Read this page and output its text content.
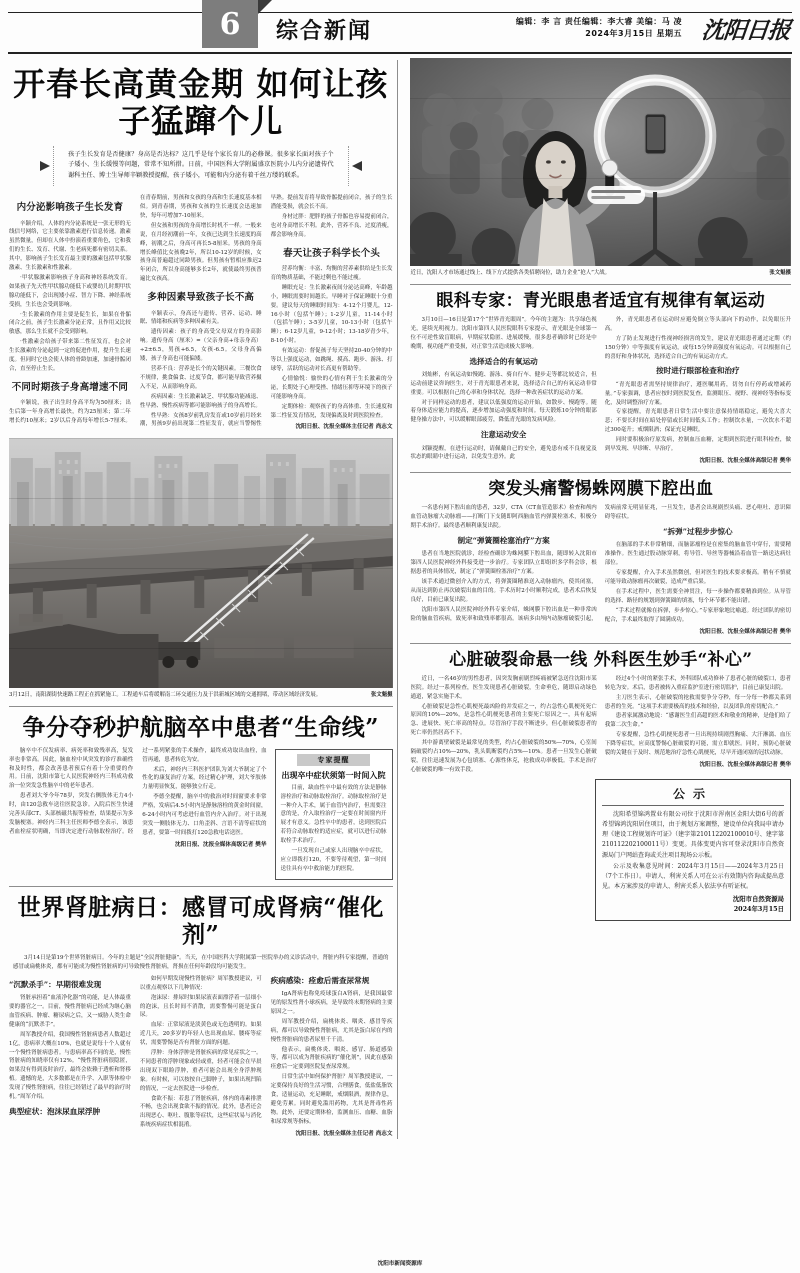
6	综合新闻	编辑：李 言 责任编辑：李大睿 美编：马 凌
2024年3月15日 星期五 沈阳日报
开春长高黄金期 如何让孩子猛蹿个儿
孩子生长发育是否健康？身高是否达标？这几乎是每个家长育儿的必修课。很多家长面对孩子个子矮小、生长缓慢等问题，常常不知所措。日前，中国医科大学附属盛京医院小儿内分泌遗传代谢科主任、博士生导师辛颖教授提醒，孩子矮小，可能和内分泌有着千丝万缕的联系。
内分泌影响孩子生长发育

辛颖介绍，人体的内分泌系统是一张无形的无线信号网络，它主要依靠激素进行信息传递。激素虽然微量，但却在人体中扮演着重要角色，它和我们的生长、发育、代谢、生老病死都有密切关系。其中，影响孩子生长发育最主要的激素包括甲状腺激素、生长激素和性激素。

·甲状腺激素影响孩子身高和神经系统发育。如果孩子先天性甲状腺功能低下或婴幼儿时期甲状腺功能低下，会出现矮小症、智力下降、神经系统受损，生长也会受到影响。

·生长激素的作用主要是促生长，如果在骨骺闭合之前，孩子生长激素分泌正常，且作用又比较敏感，那么生长就不会受到影响。

·性激素会给孩子带来第二性征发育，也会对生长激素的分泌起到一定的促进作用，提升生长速度。但同时它也会使人体的骨龄加速，加速骨骺闭合，直至停止生长。

不同时期孩子身高增速不同

辛颖说，孩子出生时身高平均为50厘米；出生后第一年身高增长最快，约为25厘米；第二年增长约10厘米；2岁以后身高每年增长5-7厘米。在青春期前，男孩和女孩的身高和生长速度基本相似。到青春期，男孩和女孩的生长速度会迅速加快，每年可增加7-10厘米。

但女孩和男孩的身高增长时机不一样。一般来说，在月经初潮前一年，女孩已达到生长速度的高峰，初潮之后，身高可再长5-8厘米。男孩的身高增长峰值比女孩晚2年，所以10-12岁的时候，女孩身高普遍超过同龄男孩。但男孩有暂相应推迟2年闭合，所以身高能够多长2年，就使最终男孩普遍比女孩高。

多种因素导致孩子长不高

辛颖表示，身高还与遗传、营养、运动、睡眠、情绪和疾病等多种因素有关。

遗传因素：孩子的身高受父母双方的身高影响。遗传身高（厘米）=（父亲身高+母亲身高）÷2±6.5，男孩+6.5，女孩-6.5。父母身高偏矮，孩子身高也可能偏矮。

营养不良：营养是长个的关键因素。三餐饮食不规律，挑食偏食、过度节食，都可能导致营养摄入不足，从而影响身高。

疾病因素：生长激素缺乏、甲状腺功能减退、性早熟、慢性疾病等都可能影响孩子的身高增长。

性早熟：女孩8岁前乳房发育或10岁前月经来潮，男孩9岁前出现第二性征发育，就应当警惕性早熟。提前发育将导致骨骺提前闭合，孩子的生长潜能受损，就会长不高。

身材过胖：肥胖的孩子骨骺也容易提前闭合，也对身高增长不利。此外，营养不良、过度消瘦，都会影响身高。

春天让孩子科学长个头

营养均衡：丰富、均衡的营养素供给是生长发育的物质基础，不能过剩也不能过瘦。

睡眠充足：生长激素夜间分泌达高峰，年龄越小，睡眠需要时间越长。早睡对于保证睡眠十分重要。建议每天的睡眠时间为：4-12个月婴儿，12-16小时（包括午睡）；1-2岁儿童，11-14小时（包括午睡）；3-5岁儿童，10-13小时（包括午睡）；6-12岁儿童，9-12小时；13-18岁青少年，8-10小时。

有效运动：督促孩子每天坚持20-40分钟的中等以上强度运动，如跳绳、摸高、跑步、游泳、打球等，活跃的运动对长高更有帮助等。

心情愉悦：愉快的心情有利于生长激素的分泌，长期处于心理受挫、情绪压抑等环境下的孩子可能影响身高。

定期体检：观察孩子的身高体重、生长速度和第二性征发育情况，发现偏离及时到医院检查。

沈阳日报、沈报全媒体主任记者 尚志文
张文魁摄
3月12日，南阳湖街快速路工程正在抓紧施工。工程通车后将缓解南二环交通压力及于洪新城区域的交通拥堵，带动区域经济发展。
争分夺秒护航脑卒中患者“生命线”

脑卒中不仅发病率、病死率和致残率高，复发率也非常高。因此，脑血栓中风突发的诊疗准确性和及时性，都会改善患者预后有着十分重要的作用。日前，沈阳市第七人民医院神经内三科成功救治一位突发急性脑卒中的老年患者。

患者刘大爷今年78岁，突发右侧肢体无力4小时，由120急救车送往医院急诊。入院后医生快速完善头部CT、头部核磁共振等检查，结果提示为多发脑梗塞。神经内三科主任医师李德全表示，该患者血栓症状明确，当即决定进行动脉取栓治疗。经过一系列紧张的手术操作，最终成功取出血栓，血管再通，患者转危为安。

术后，神经内三科医护团队为刘大爷制定了个性化的康复治疗方案，经过精心护理，刘大爷肢体力量明显恢复，能够独立行走。

李德全提醒，脑卒中的救治对时间窗要求非常严格，发病后4.5小时内是静脉溶栓的黄金时间窗，6-24小时内可考虑进行血管内介入治疗。对于出现突发一侧肢体无力、口角歪斜、言语不清等症状的患者，要第一时间拨打120急救电话送医。

沈阳日报、沈报全媒体高级记者 樊华
专家提醒
出现卒中症状须第一时间入院

目前，缺血性卒中最有效的方法是静脉溶栓治疗和动脉取栓治疗。动脉取栓治疗是一种介入手术，属于血管内治疗，但需要注意的是，介入取栓治疗一定要在时间窗内开展才有意义。急性卒中的患者，送到医院后若符合动脉取栓的适应症，就可以进行动脉取栓手术治疗。

一旦发现自己或家人出现脑卒中症状，应立即拨打120，不要等待观望，第一时间送往具有卒中救治能力的医院。

世界肾脏病日：感冒可成肾病“催化剂”

3月14日是第19个世界肾脏病日。今年的主题是“全民肾脏健康”。当天，在中国医科大学附属第一医院举办的义诊活动中，肾脏内科专家提醒，普通的感冒或扁桃体炎，都有可能成为慢性肾脏病的可导致慢性肾脏病，肾损在任何年龄段均可能发生。

“沉默杀手”：早期很难发现

肾脏承担着“血液净化器”的功能，是人体最重要的器官之一。目前，慢性肾脏病已经成为继心脑血管疾病、肿瘤、糖尿病之后，又一威胁人类生命健康的“沉默杀手”。

周军教授介绍，我国慢性肾脏病患者人数超过1亿，患病率大概在10%，也就是说每十个人就有一个慢性肾脏病患者。与患病率高不同的是，慢性肾脏病的知晓率仅有12%。“慢性肾脏病很隐匿，如果没有得到及时治疗，最终会依赖于透析和肾移植。遗憾的是，大多数都是在升学、入职等体检中发现了慢性肾脏病，往往已经错过了最早的治疗时机。”周军介绍。

典型症状：泡沫尿血尿浮肿

如何早期发现慢性肾脏病？周军教授建议，可以重点观察以下几种情况：

泡沫尿：排尿时如果尿液表面漂浮着一层细小的泡沫，且长时间不消散，需要警惕可能是蛋白尿。

血尿：正常尿液是淡黄色或无色透明的。如果近几天，20多岁的年轻人也出现血尿、腰疼等症状，需要警惕是否有肾脏方面的问题。

浮肿：身体浮肿是肾脏疾病的常见症状之一。不同患者的浮肿现象或轻或重，轻者可能会在早晨出现双下眼睑浮肿，重者可能会出现全身浮肿现象。有时候，可以按按自己脚肿子，如果出现凹陷的情况，一定去医院进一步检查。

食欲不振：若患了肾脏疾病，体内的毒素排泄不畅，也会出现食欲不振的情况。此外，患者还会出现恶心、呕吐、腹胀等症状，这些症状易与消化系统疾病症状相混淆。

疾病感染：痊愈后需查尿常规

IgA肾病也称免疫球蛋白A肾病，是我国最常见的原发性肾小球疾病，是导致终末期肾病的主要原因之一。

周军教授介绍，扁桃体炎、咽炎、感冒等疾病，都可以导致慢性肾脏病，尤其是蛋白尿在内的慢性肾脏病的患者尿里千千清。

他表示，扁桃体炎、咽炎、感冒、肠道感染等，都可以成为肾脏疾病的“催化剂”，因此在感染痊愈后一定要到医院复查尿常规。

日常生活中如何保护肾脏？周军教授建议，一定要保持良好的生活习惯，合理膳食，低盐低脂饮食，适量运动，充足睡眠，戒烟限酒，规律作息，避免劳累。同时避免滥用药物，尤其是肾毒性药物。此外，还要定期体检，监测血压、血糖、血脂和尿常规等指标。

沈阳日报、沈报全媒体主任记者 尚志文
张文魁摄
近日，沈阳人才市场通过线上、线下方式提供各类招聘岗位，助力企业“抢人”大战。
眼科专家：青光眼患者适宜有规律有氧运动

3月10日—16日是第17个“世界青光眼周”。今年的主题为：共享绿色视光，延续光明视力。沈阳市第四人民医院眼科专家提示，青光眼是全球第一位不可逆性致盲眼病，早期症状隐匿、进展缓慢，很多患者确诊时已经是中晚期，视功能严重受损，对正常生活造成极大影响。

选择适合的有氧运动

刘灿彬，有氧运动如慢跑、游泳、骑自行车、健步走等都比较适合，但运动前建议咨询医生，对于青光眼患者来说，选择适合自己的有氧运动非常重要。可以根据自己的心率和身体状况，选择一种改善症状的运动方案。

对于同样运动的患者，建议以低强度的运动开始，如散步、慢跑等。随着身体适应能力的提高，逐步增加运动强度和时间。每天锻炼10分钟的眼部健身操方法中，可以缓解眼部疲劳，降低青光眼的发病风险。

注意运动安全

刘颖提醒，在进行运动时，请佩戴自己的安全，避免患有戒不良视觉及状态的眼睛中进行运动，以免发生意外。此

外，青光眼患者在运动时应避免倒立等头部向下的动作，以免眼压升高。

方了防止发现进行性视神经损害的发生，建议青光眼患者通过定期（约150分钟）中等强度有氧运动，或每15分钟高强度有氧运动。可以根据自己的喜好和身体状况，选择适合自己的有氧运动方式。

按时进行眼部检查和治疗

“青光眼患者需坚持规律治疗，遵医嘱用药，切勿自行停药或增减药量。”专家强调，患者应按时到医院复查，监测眼压、视野、视神经等指标变化，及时调整治疗方案。

专家提醒，青光眼患者日常生活中要注意保持情绪稳定，避免大喜大悲；不要长时间在暗处停留或长时间低头工作；控制饮水量，一次饮水不超过300毫升；戒烟限酒；保证充足睡眠。

同时要积极治疗原发病，控制血压血糖，定期到医院进行眼科检查，做到早发现、早诊断、早治疗。

沈阳日报、沈报全媒体高级记者 樊华
突发头痛警惕蛛网膜下腔出血

一名患有网下腔出血的患者，32岁，CTA（CT血管造影术）检查和颅内血管动脉瘤大动脉瘤——打断门下支随即阿西脑血管内弹簧栓塞术，积极分期手术治疗。最终患者顺利康复出院。

制定“弹簧圈栓塞治疗”方案

患者在当地医院就诊，经检查确诊为蛛网膜下腔出血，随即转入沈阳市第四人民医院神经外科接受进一步治疗。专家团队立即组织多学科会诊，根据患者的具体情况，制定了“弹簧圈栓塞治疗”方案。

该手术通过微创介入的方式，将弹簧圈精准送入动脉瘤内，使其闭塞，从而达到防止再次破裂出血的目的。手术历时2小时顺利完成，患者术后恢复良好，目前已康复出院。

沈阳市第四人民医院神经外科专家介绍，蛛网膜下腔出血是一种非常凶险的脑血管疾病，致死率和致残率都很高。该病多由颅内动脉瘤破裂引起，发病前常无明显征兆，一旦发生，患者会出现剧烈头痛、恶心呕吐、意识障碍等症状。

“拆弹”过程步步惊心

在脑部的手术非常精细，而脑部瘤栓是在密集的脑血管中穿行，需要精准操作。医生通过股动脉穿刺，将导管、导丝等器械沿着血管一路送达病灶部位。

专家提醒，介入手术虽然微创，但对医生的技术要求极高。稍有不慎就可能导致动脉瘤再次破裂，造成严重后果。

在手术过程中，医生需要全神贯注，每一步操作都要精准到位。从导管的选择、路径的规划到弹簧圈的填塞，每个环节都不能出错。

“手术过程就像在拆弹，步步惊心。”专家形象地比喻道。经过团队的密切配合，手术最终取得了圆满成功。

沈阳日报、沈报全媒体高级记者 樊华
心脏破裂命悬一线 外科医生妙手“补心”

近日，一名46岁的男性患者，因突发胸前剧烈疼痛被紧急送往沈阳市某医院。经过一系列检查，医生发现患者心脏破裂，生命垂危，随即启动绿色通道，紧急实施手术。

心脏破裂是急性心肌梗死最凶险的并发症之一，约占急性心肌梗死死亡原因的10%—20%，是急性心肌梗死患者的主要死亡原因之一，具有起病急、进展快、死亡率高的特点。尽管治疗手段不断进步，但心脏破裂患者的死亡率仍然居高不下。

其中游离壁破裂是最常见的类型，约占心脏破裂的50%—70%，心室间隔破裂约占10%—20%，乳头肌断裂约占5%—10%。患者一旦发生心脏破裂，往往迅速发展为心包填塞、心源性休克，抢救成功率极低。手术是治疗心脏破裂的唯一有效手段。

经过4个小时的紧张手术，外科团队成功修补了患者心脏的破裂口，患者转危为安。术后，患者被转入重症监护室进行密切监护，目前已康复出院。

主刀医生表示，心脏破裂的抢救需要争分夺秒，每一分每一秒都关系到患者的生死。“这项手术需要极高的技术和经验，以及团队的密切配合。”

患者家属激动地说：“感谢医生们高超的医术和敬业的精神，是他们给了我第二次生命。”

专家提醒，急性心肌梗死患者一旦出现持续剧烈胸痛、大汗淋漓、血压下降等症状，应高度警惕心脏破裂的可能，需立即就医。同时，预防心脏破裂的关键在于及时、规范地治疗急性心肌梗死，尽早开通闭塞的冠状动脉。

沈阳日报、沈报全媒体高级记者 樊华
公示

沈阳希望锦鸿置业有限公司位于沈阳市浑南区金阳大街6号的新希望锦鸿沈阳居住项目，由于规划方案调整，建设单位向我局申请办理《建设工程规划许可证》（建字第210112202100010号、建字第210112202100011号）变更。具体变更内容可登录沈阳市自然资源局门户网站查询或关注项目现场公示板。

公示及收集意见时间：2024年3月15日——2024年3月25日（7个工作日）。申请人、利害关系人可在公示有效期内咨询或提出意见。本方案涉及的申请人、利害关系人依法享有听证权。

沈阳市自然资源局
2024年3月15日
沈阳市新闻资源库
